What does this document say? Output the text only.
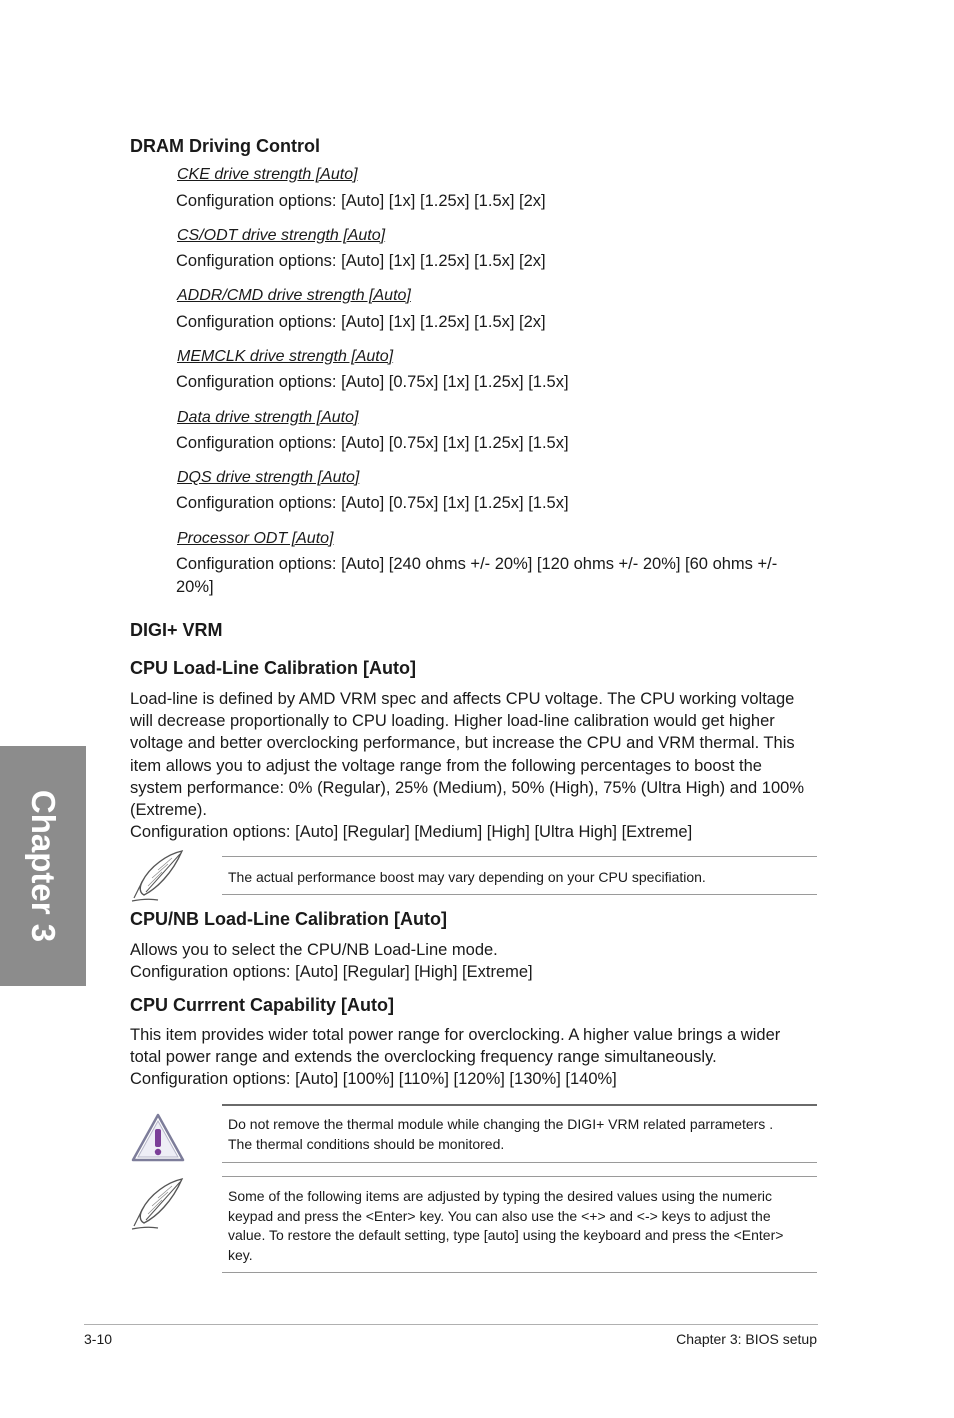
DRAM Driving Control
CKE drive strength [Auto]
Configuration options: [Auto] [1x] [1.25x] [1.5x] [2x]
CS/ODT drive strength [Auto]
Configuration options: [Auto] [1x] [1.25x] [1.5x] [2x]
ADDR/CMD drive strength [Auto]
Configuration options: [Auto] [1x] [1.25x] [1.5x] [2x]
MEMCLK drive strength [Auto]
Configuration options: [Auto] [0.75x] [1x] [1.25x] [1.5x]
Data drive strength [Auto]
Configuration options: [Auto] [0.75x] [1x] [1.25x] [1.5x]
DQS drive strength [Auto]
Configuration options: [Auto] [0.75x] [1x] [1.25x] [1.5x]
Processor ODT [Auto]
Configuration options: [Auto] [240 ohms +/- 20%] [120 ohms +/- 20%] [60 ohms +/-
20%]
DIGI+ VRM
CPU Load-Line Calibration [Auto]
Load-line is defined by AMD VRM spec and affects CPU voltage. The CPU working voltage
will decrease proportionally to CPU loading. Higher load-line calibration would get higher
voltage and better overclocking performance, but increase the CPU and VRM thermal. This
item allows you to adjust the voltage range from the following percentages to boost the
system performance: 0% (Regular), 25% (Medium), 50% (High), 75% (Ultra High) and 100%
(Extreme).
Configuration options: [Auto] [Regular] [Medium] [High] [Ultra High] [Extreme]
The actual performance boost may vary depending on your CPU specifiation.
CPU/NB Load-Line Calibration [Auto]
Allows you to select the CPU/NB Load-Line mode.
Configuration options: [Auto] [Regular] [High] [Extreme]
CPU Currrent Capability [Auto]
This item provides wider total power range for overclocking. A higher value brings a wider
total power range and extends the overclocking frequency range simultaneously.
Configuration options: [Auto] [100%] [110%] [120%] [130%] [140%]
Do not remove the thermal module while changing the DIGI+ VRM related parrameters .
The thermal conditions should be monitored.
Some of the following items are adjusted by typing the desired values using the numeric
keypad and press the <Enter> key. You can also use the <+> and <-> keys to adjust the
value. To restore the default setting, type [auto] using the keyboard and press the <Enter>
key.
Chapter 3
3-10	Chapter 3: BIOS setup
